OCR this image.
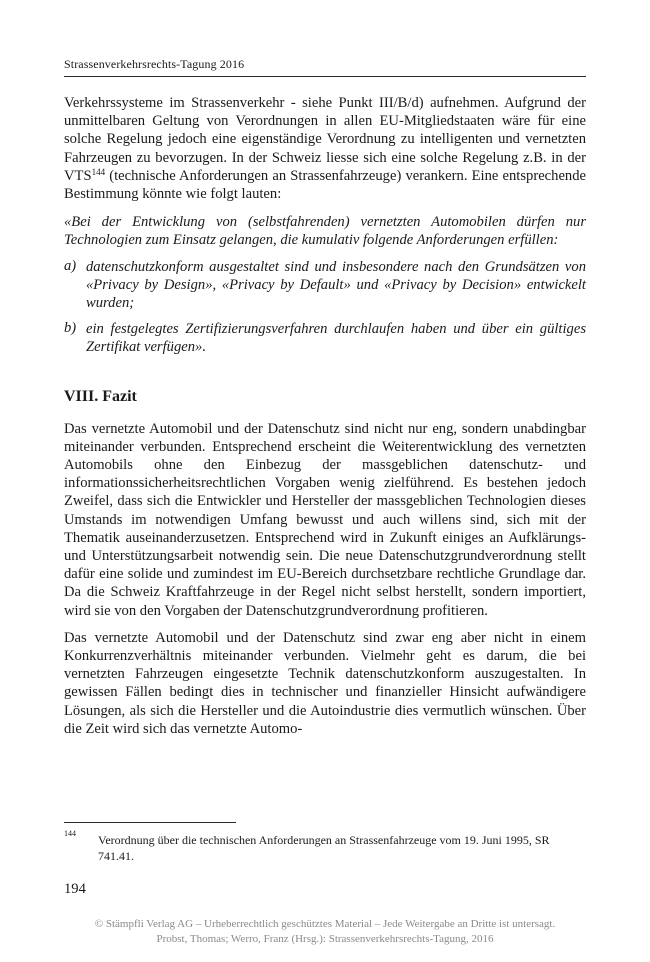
Strassenverkehrsrechts-Tagung 2016

Verkehrssysteme im Strassenverkehr - siehe Punkt III/B/d) aufnehmen. Aufgrund der unmittelbaren Geltung von Verordnungen in allen EU-Mitgliedstaaten wäre für eine solche Regelung jedoch eine eigenständige Verordnung zu intelligenten und vernetzten Fahrzeugen zu bevorzugen. In der Schweiz liesse sich eine solche Regelung z.B. in der VTS$^{144}$ (technische Anforderungen an Strassenfahrzeuge) verankern. Eine entsprechende Bestimmung könnte wie folgt lauten:

«Bei der Entwicklung von (selbstfahrenden) vernetzten Automobilen dürfen nur Technologien zum Einsatz gelangen, die kumulativ folgende Anforderungen erfüllen:

a) datenschutzkonform ausgestaltet sind und insbesondere nach den Grundsätzen von «Privacy by Design», «Privacy by Default» und «Privacy by Decision» entwickelt wurden;

b) ein festgelegtes Zertifizierungsverfahren durchlaufen haben und über ein gültiges Zertifikat verfügen».

VIII. Fazit

Das vernetzte Automobil und der Datenschutz sind nicht nur eng, sondern unabdingbar miteinander verbunden. Entsprechend erscheint die Weiterentwicklung des vernetzten Automobils ohne den Einbezug der massgeblichen datenschutz- und informationssicherheitsrechtlichen Vorgaben wenig zielführend. Es bestehen jedoch Zweifel, dass sich die Entwickler und Hersteller der massgeblichen Technologien dieses Umstands im notwendigen Umfang bewusst und auch willens sind, sich mit der Thematik auseinanderzusetzen. Entsprechend wird in Zukunft einiges an Aufklärungs- und Unterstützungsarbeit notwendig sein. Die neue Datenschutzgrundverordnung stellt dafür eine solide und zumindest im EU-Bereich durchsetzbare rechtliche Grundlage dar. Da die Schweiz Kraftfahrzeuge in der Regel nicht selbst herstellt, sondern importiert, wird sie von den Vorgaben der Datenschutzgrundverordnung profitieren.

Das vernetzte Automobil und der Datenschutz sind zwar eng aber nicht in einem Konkurrenzverhältnis miteinander verbunden. Vielmehr geht es darum, die bei vernetzten Fahrzeugen eingesetzte Technik datenschutzkonform auszugestalten. In gewissen Fällen bedingt dies in technischer und finanzieller Hinsicht aufwändigere Lösungen, als sich die Hersteller und die Autoindustrie dies vermutlich wünschen. Über die Zeit wird sich das vernetzte Automo-

144 Verordnung über die technischen Anforderungen an Strassenfahrzeuge vom 19. Juni 1995, SR 741.41.
194
© Stämpfli Verlag AG – Urheberrechtlich geschütztes Material – Jede Weitergabe an Dritte ist untersagt.
Probst, Thomas; Werro, Franz (Hrsg.): Strassenverkehrsrechts-Tagung, 2016
